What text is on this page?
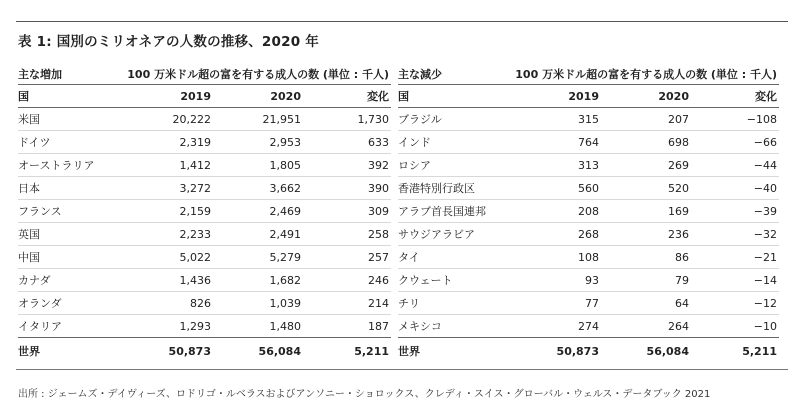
表 1: 国別のミリオネアの人数の推移、2020 年
主な増加	100 万米ドル超の富を有する成人の数 (単位 : 千人)		
国	2019	2020	変化
米国	20,222	21,951	1,730
ドイツ	2,319	2,953	633
オーストラリア	1,412	1,805	392
日本	3,272	3,662	390
フランス	2,159	2,469	309
英国	2,233	2,491	258
中国	5,022	5,279	257
カナダ	1,436	1,682	246
オランダ	826	1,039	214
イタリア	1,293	1,480	187
世界	50,873	56,084	5,211
主な減少	100 万米ドル超の富を有する成人の数 (単位 : 千人)		
国	2019	2020	変化
ブラジル	315	207	−108
インド	764	698	−66
ロシア	313	269	−44
香港特別行政区	560	520	−40
アラブ首長国連邦	208	169	−39
サウジアラビア	268	236	−32
タイ	108	86	−21
クウェート	93	79	−14
チリ	77	64	−12
メキシコ	274	264	−10
世界	50,873	56,084	5,211
出所 : ジェームズ・デイヴィーズ、ロドリゴ・ルベラスおよびアンソニー・ショロックス、クレディ・スイス・グローバル・ウェルス・データブック 2021
